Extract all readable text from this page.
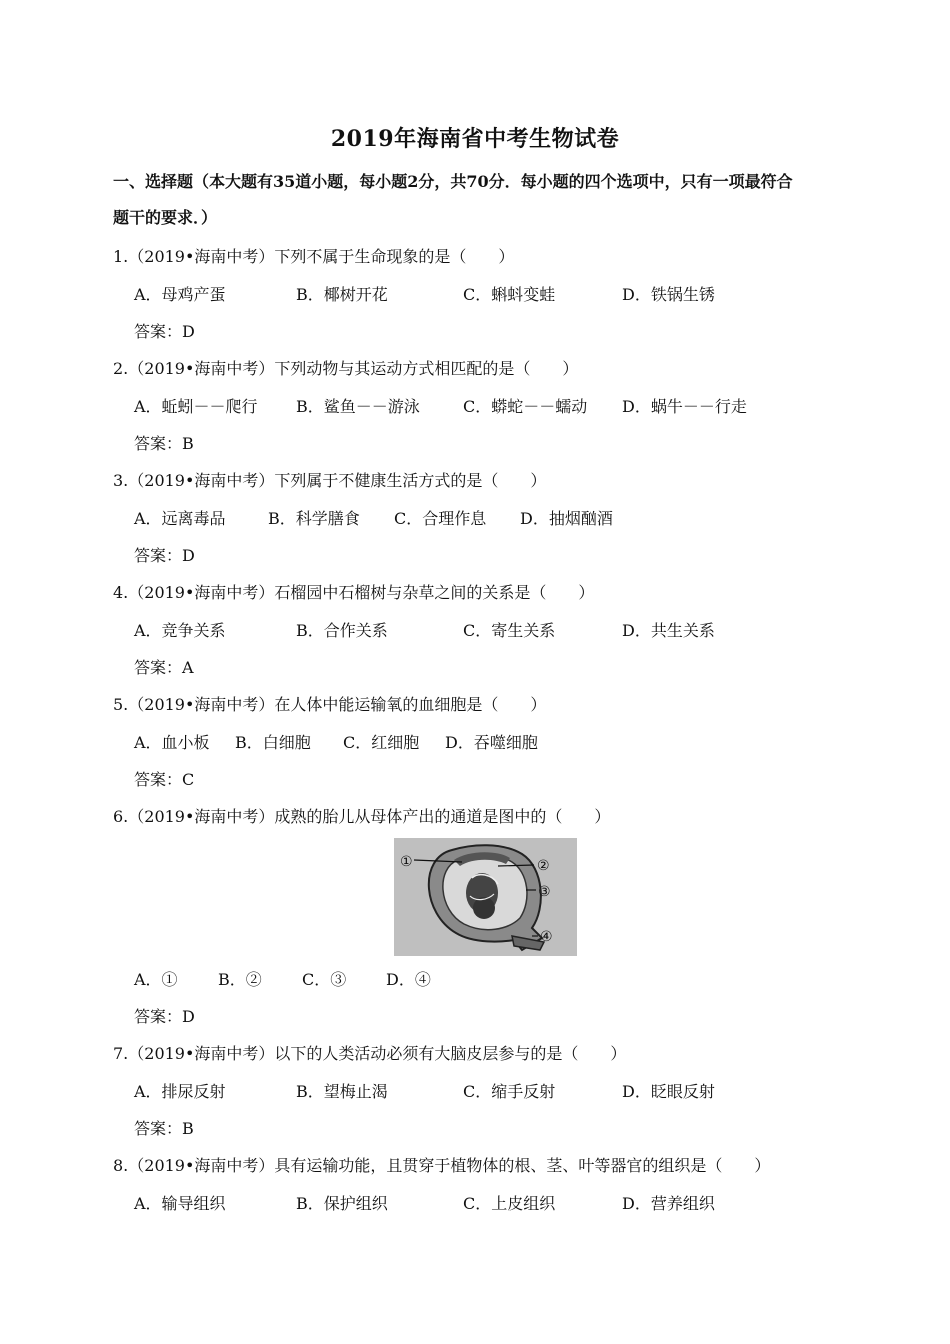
2019年海南省中考生物试卷
一、选择题（本大题有35道小题，每小题2分，共70分．每小题的四个选项中，只有一项最符合
题干的要求．）
1.（2019•海南中考）下列不属于生命现象的是（　　）
A．母鸡产蛋	B．椰树开花	C．蝌蚪变蛙	D．铁锅生锈
答案：D
2.（2019•海南中考）下列动物与其运动方式相匹配的是（　　）
A．蚯蚓－－爬行 B．鲨鱼－－游泳	C．蟒蛇－－蠕动 D．蜗牛－－行走
答案：B
3.（2019•海南中考）下列属于不健康生活方式的是（　　）
A．远离毒品	B．科学膳食 C．合理作息 D．抽烟酗酒
答案：D
4.（2019•海南中考）石榴园中石榴树与杂草之间的关系是（　　）
A．竞争关系	B．合作关系	C．寄生关系	D．共生关系
答案：A
5.（2019•海南中考）在人体中能运输氧的血细胞是（　　）
A．血小板 B．白细胞 C．红细胞 D．吞噬细胞
答案：C
6.（2019•海南中考）成熟的胎儿从母体产出的通道是图中的（　　）
①	②
③
④
A．①	B．②	C．③ D．④
答案：D
7.（2019•海南中考）以下的人类活动必须有大脑皮层参与的是（　　）
A．排尿反射	B．望梅止渴	C．缩手反射	D．眨眼反射
答案：B
8.（2019•海南中考）具有运输功能，且贯穿于植物体的根、茎、叶等器官的组织是（　　）
A．输导组织	B．保护组织	C．上皮组织	D．营养组织
